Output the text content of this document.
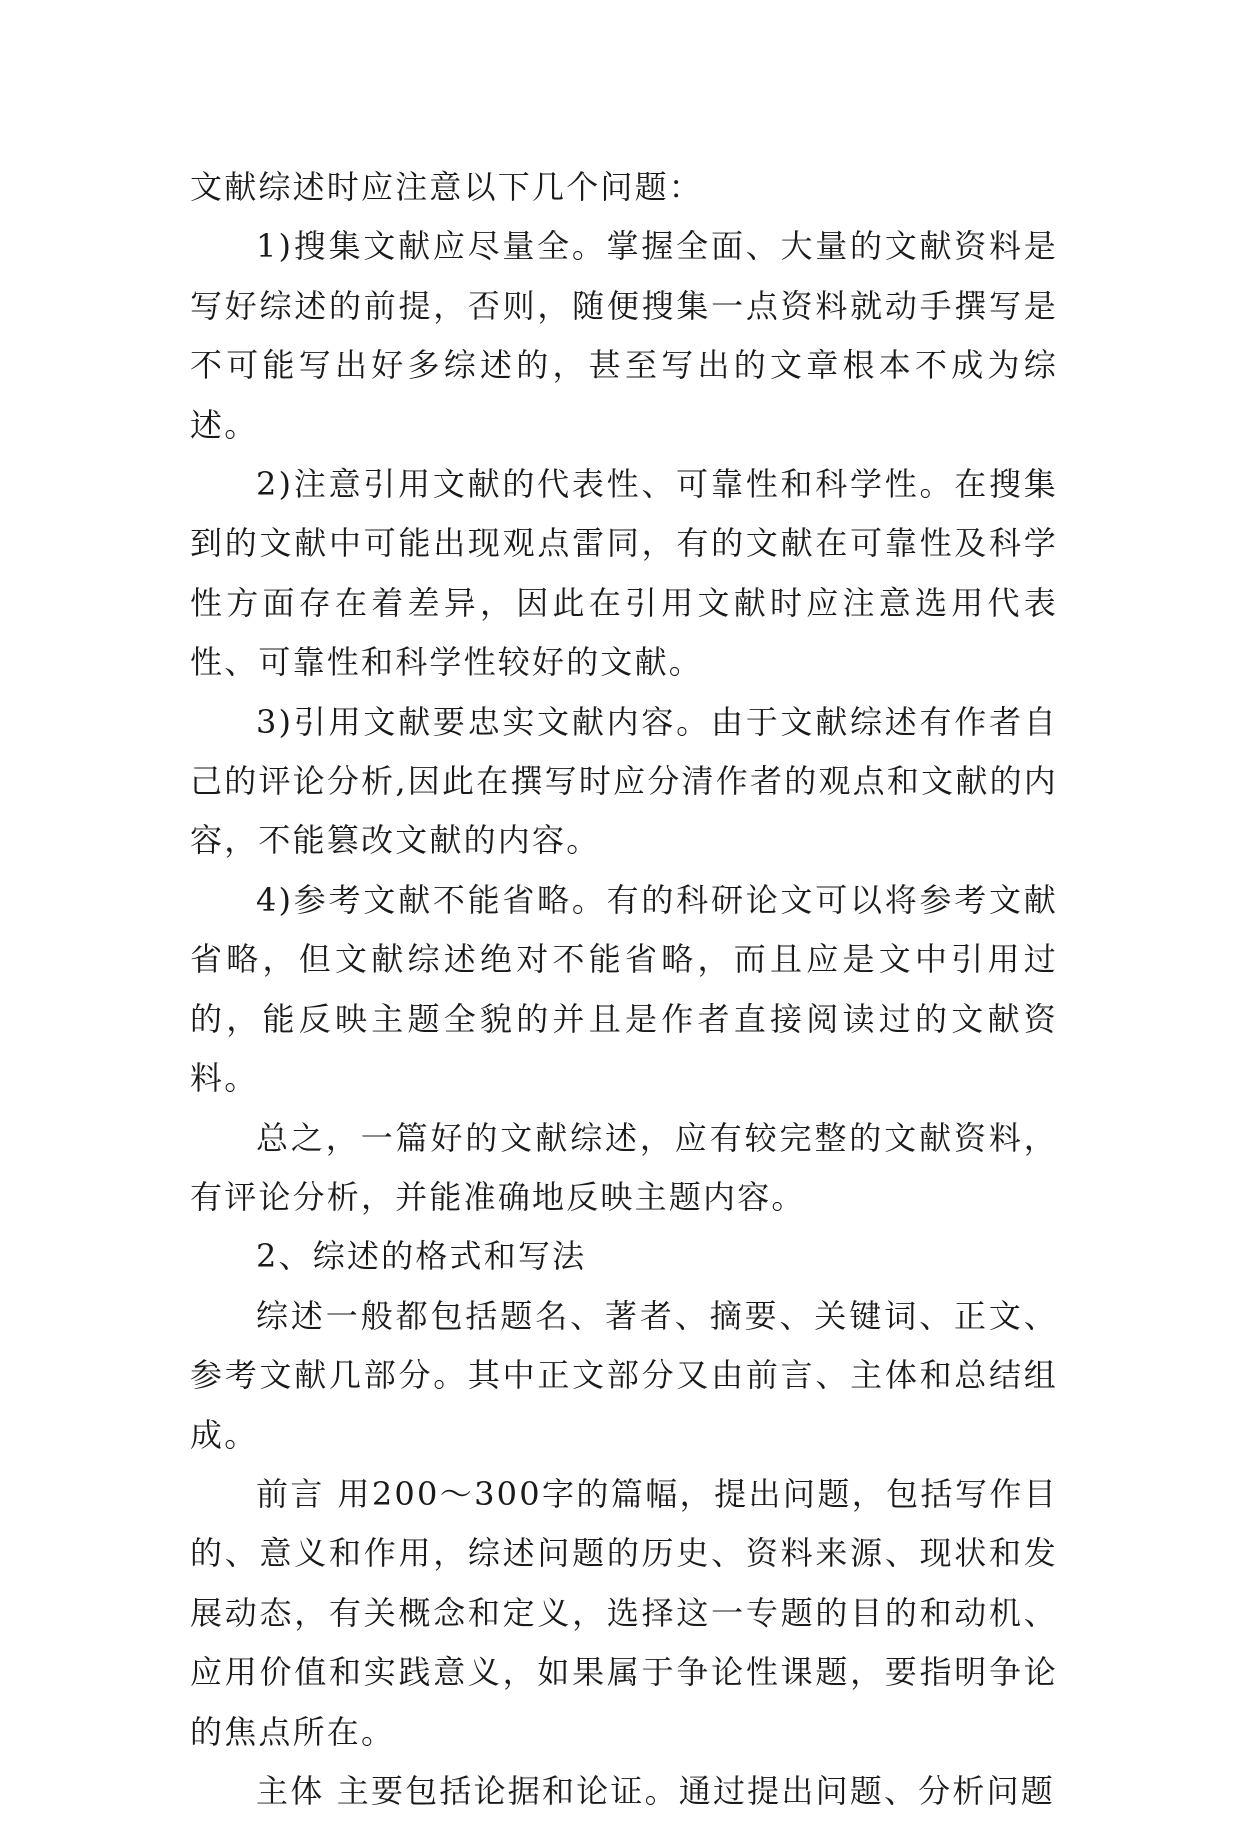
文献综述时应注意以下几个问题：

1)搜集文献应尽量全。掌握全面、大量的文献资料是写好综述的前提，否则，随便搜集一点资料就动手撰写是不可能写出好多综述的，甚至写出的文章根本不成为综述。

2)注意引用文献的代表性、可靠性和科学性。在搜集到的文献中可能出现观点雷同，有的文献在可靠性及科学性方面存在着差异，因此在引用文献时应注意选用代表性、可靠性和科学性较好的文献。

3)引用文献要忠实文献内容。由于文献综述有作者自己的评论分析,因此在撰写时应分清作者的观点和文献的内容，不能篡改文献的内容。

4)参考文献不能省略。有的科研论文可以将参考文献省略，但文献综述绝对不能省略，而且应是文中引用过的，能反映主题全貌的并且是作者直接阅读过的文献资料。

总之，一篇好的文献综述，应有较完整的文献资料，有评论分析，并能准确地反映主题内容。

2、综述的格式和写法

综述一般都包括题名、著者、摘要、关键词、正文、参考文献几部分。其中正文部分又由前言、主体和总结组成。

前言 用200～300字的篇幅，提出问题，包括写作目的、意义和作用，综述问题的历史、资料来源、现状和发展动态，有关概念和定义，选择这一专题的目的和动机、应用价值和实践意义，如果属于争论性课题，要指明争论的焦点所在。

主体 主要包括论据和论证。通过提出问题、分析问题
